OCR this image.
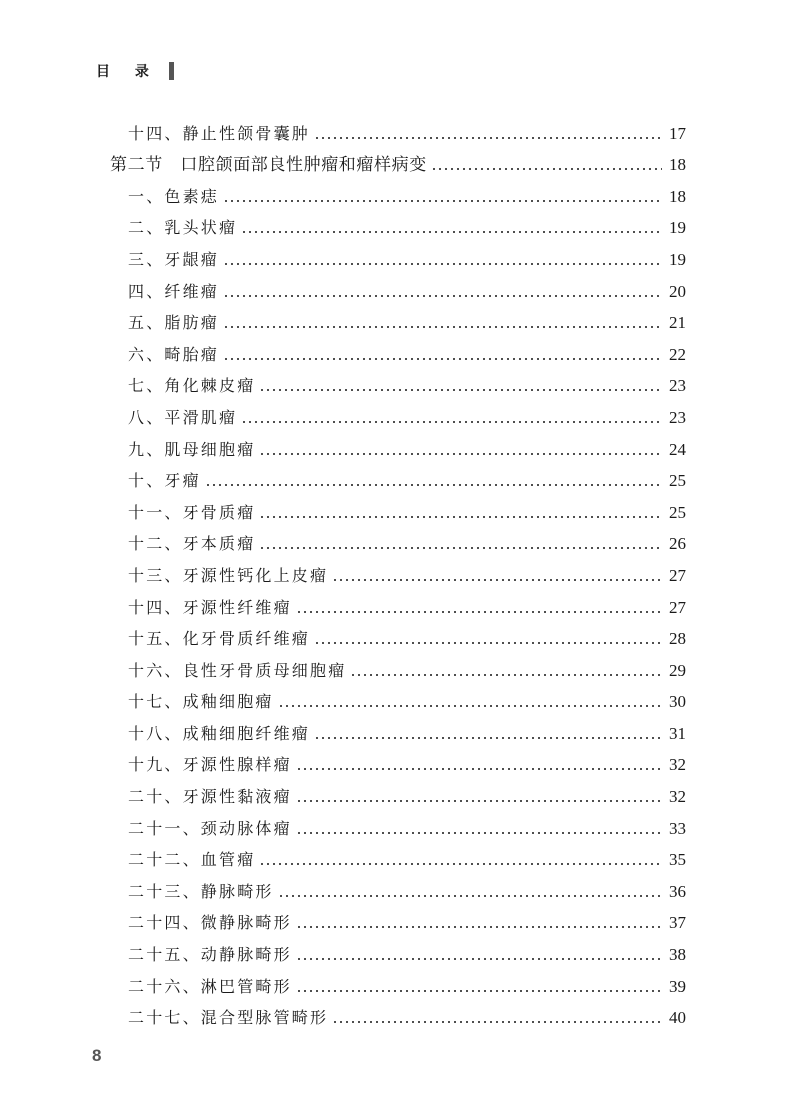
目 录
十四、静止性颌骨囊肿	17
第二节　口腔颌面部良性肿瘤和瘤样病变	18
一、色素痣	18
二、乳头状瘤	19
三、牙龈瘤	19
四、纤维瘤	20
五、脂肪瘤	21
六、畸胎瘤	22
七、角化棘皮瘤	23
八、平滑肌瘤	23
九、肌母细胞瘤	24
十、牙瘤	25
十一、牙骨质瘤	25
十二、牙本质瘤	26
十三、牙源性钙化上皮瘤	27
十四、牙源性纤维瘤	27
十五、化牙骨质纤维瘤	28
十六、良性牙骨质母细胞瘤	29
十七、成釉细胞瘤	30
十八、成釉细胞纤维瘤	31
十九、牙源性腺样瘤	32
二十、牙源性黏液瘤	32
二十一、颈动脉体瘤	33
二十二、血管瘤	35
二十三、静脉畸形	36
二十四、微静脉畸形	37
二十五、动静脉畸形	38
二十六、淋巴管畸形	39
二十七、混合型脉管畸形	40
8
